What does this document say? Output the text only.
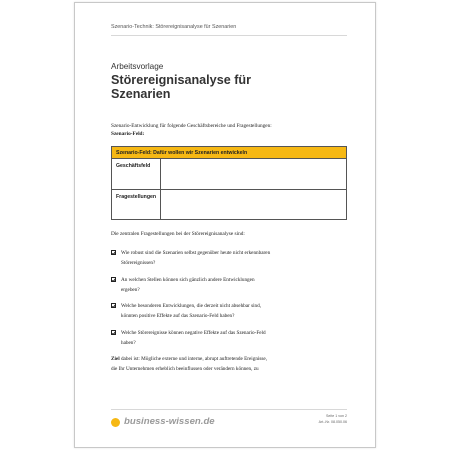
Szenario-Technik: Störereignisanalyse für Szenarien
Arbeitsvorlage
Störereignisanalyse für Szenarien
Szenario-Entwicklung für folgende Geschäftsbereiche und Fragestellungen:
Szenario-Feld:
Szenario-Feld: Dafür wollen wir Szenarien entwickeln
Geschäftsfeld
Fragestellungen
Die zentralen Fragestellungen bei der Störereignisanalyse sind:
Wie robust sind die Szenarien selbst gegenüber heute nicht erkennbaren
Störereignissen?
An welchen Stellen können sich gänzlich andere Entwicklungen
ergeben?
Welche besonderen Entwicklungen, die derzeit nicht absehbar sind,
könnten positive Effekte auf das Szenario-Feld haben?
Welche Störereignisse können negative Effekte auf das Szenario-Feld
haben?
Ziel dabei ist: Mögliche externe und interne, abrupt auftretende Ereignisse,
die Ihr Unternehmen erheblich beeinflussen oder verändern können, zu
business-wissen.de	Seite 1 von 2
Art.-Nr. 08.050.06
